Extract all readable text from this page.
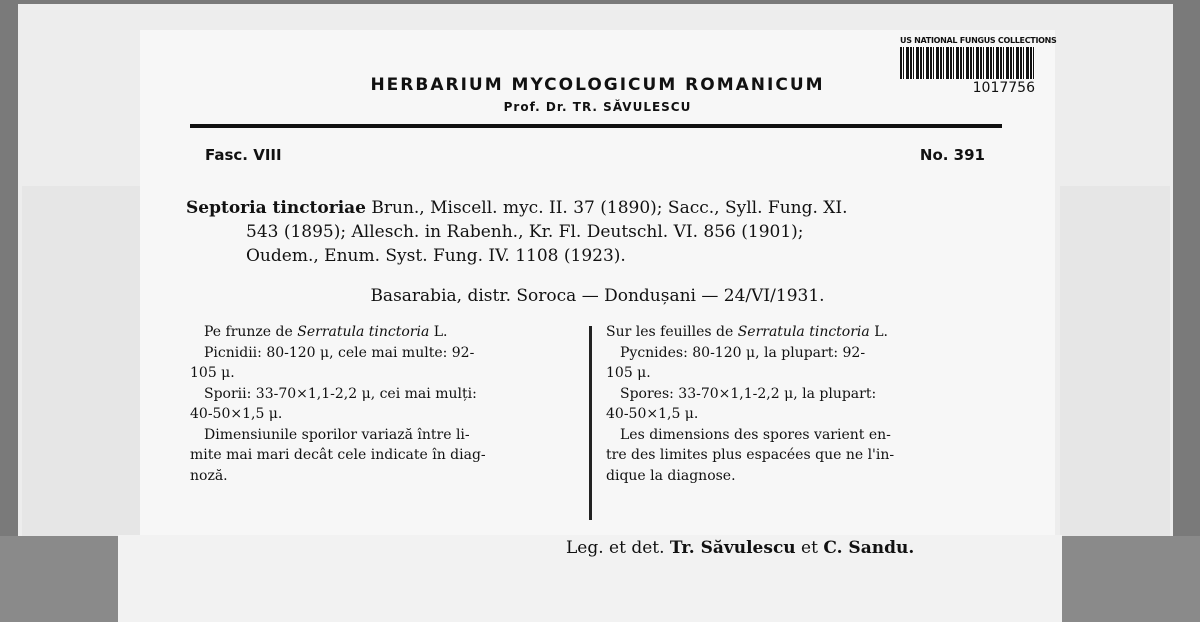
HERBARIUM MYCOLOGICUM ROMANICUM
Prof. Dr. TR. SĂVULESCU
Fasc. VIII	No. 391
Septoria tinctoriae Brun., Miscell. myc. II. 37 (1890); Sacc., Syll. Fung. XI.
543 (1895); Allesch. in Rabenh., Kr. Fl. Deutschl. VI. 856 (1901);
Oudem., Enum. Syst. Fung. IV. 1108 (1923).
Basarabia, distr. Soroca — Dondușani — 24/VI/1931.

Pe frunze de Serratula tinctoria L.

Picnidii: 80-120 μ, cele mai multe: 92-

105 μ.

Sporii: 33-70×1,1-2,2 μ, cei mai mulți:

40-50×1,5 μ.

Dimensiunile sporilor variază între li-

mite mai mari decât cele indicate în diag-

noză.

Sur les feuilles de Serratula tinctoria L.

Pycnides: 80-120 μ, la plupart: 92-

105 μ.

Spores: 33-70×1,1-2,2 μ, la plupart:

40-50×1,5 μ.

Les dimensions des spores varient en-

tre des limites plus espacées que ne l'in-

dique la diagnose.

US NATIONAL FUNGUS COLLECTIONS
1017756
Leg. et det. Tr. Săvulescu et C. Sandu.
